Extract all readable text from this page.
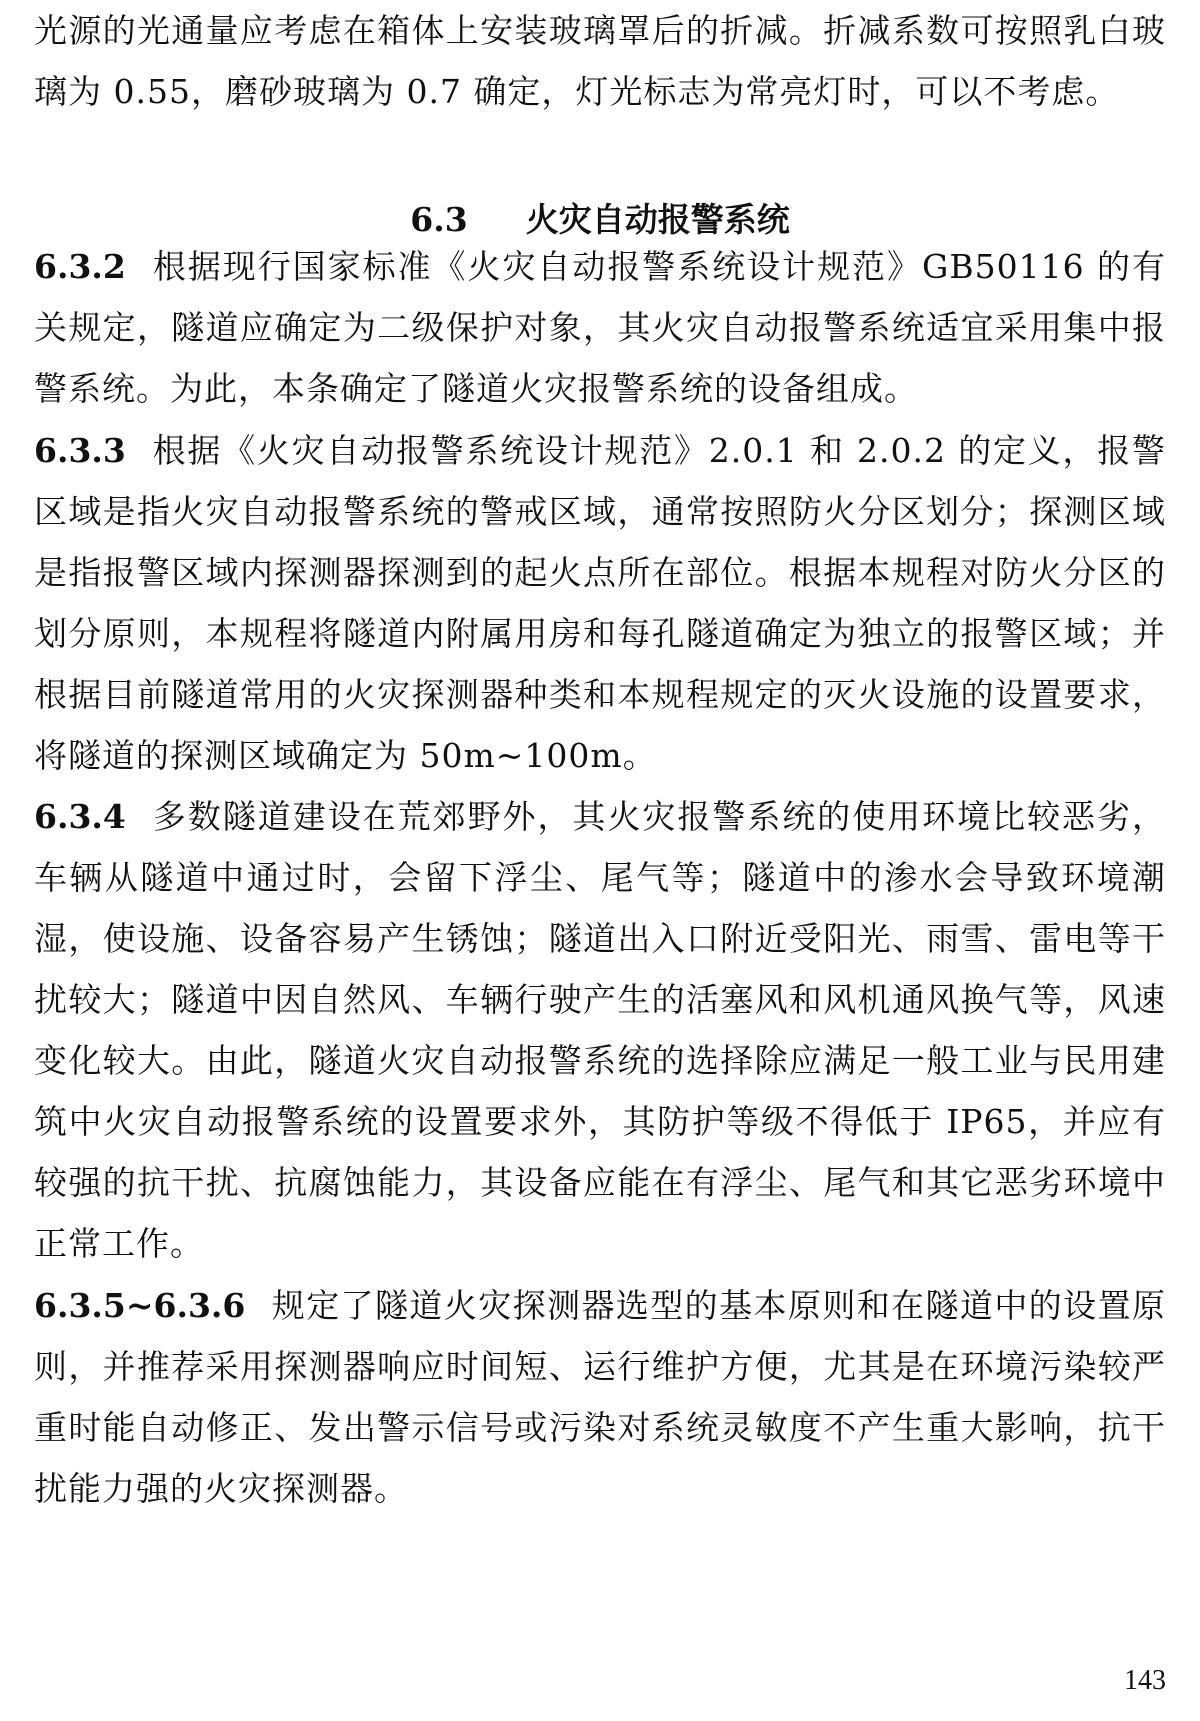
光源的光通量应考虑在箱体上安装玻璃罩后的折减。折减系数可按照乳白玻璃为 0.55，磨砂玻璃为 0.7 确定，灯光标志为常亮灯时，可以不考虑。

6.3 火灾自动报警系统

6.3.2 根据现行国家标准《火灾自动报警系统设计规范》GB50116 的有关规定，隧道应确定为二级保护对象，其火灾自动报警系统适宜采用集中报警系统。为此，本条确定了隧道火灾报警系统的设备组成。

6.3.3 根据《火灾自动报警系统设计规范》2.0.1 和 2.0.2 的定义，报警区域是指火灾自动报警系统的警戒区域，通常按照防火分区划分；探测区域是指报警区域内探测器探测到的起火点所在部位。根据本规程对防火分区的划分原则，本规程将隧道内附属用房和每孔隧道确定为独立的报警区域；并根据目前隧道常用的火灾探测器种类和本规程规定的灭火设施的设置要求，将隧道的探测区域确定为 50m~100m。

6.3.4 多数隧道建设在荒郊野外，其火灾报警系统的使用环境比较恶劣，车辆从隧道中通过时，会留下浮尘、尾气等；隧道中的渗水会导致环境潮湿，使设施、设备容易产生锈蚀；隧道出入口附近受阳光、雨雪、雷电等干扰较大；隧道中因自然风、车辆行驶产生的活塞风和风机通风换气等，风速变化较大。由此，隧道火灾自动报警系统的选择除应满足一般工业与民用建筑中火灾自动报警系统的设置要求外，其防护等级不得低于 IP65，并应有较强的抗干扰、抗腐蚀能力，其设备应能在有浮尘、尾气和其它恶劣环境中正常工作。

6.3.5~6.3.6 规定了隧道火灾探测器选型的基本原则和在隧道中的设置原则，并推荐采用探测器响应时间短、运行维护方便，尤其是在环境污染较严重时能自动修正、发出警示信号或污染对系统灵敏度不产生重大影响，抗干扰能力强的火灾探测器。

143
